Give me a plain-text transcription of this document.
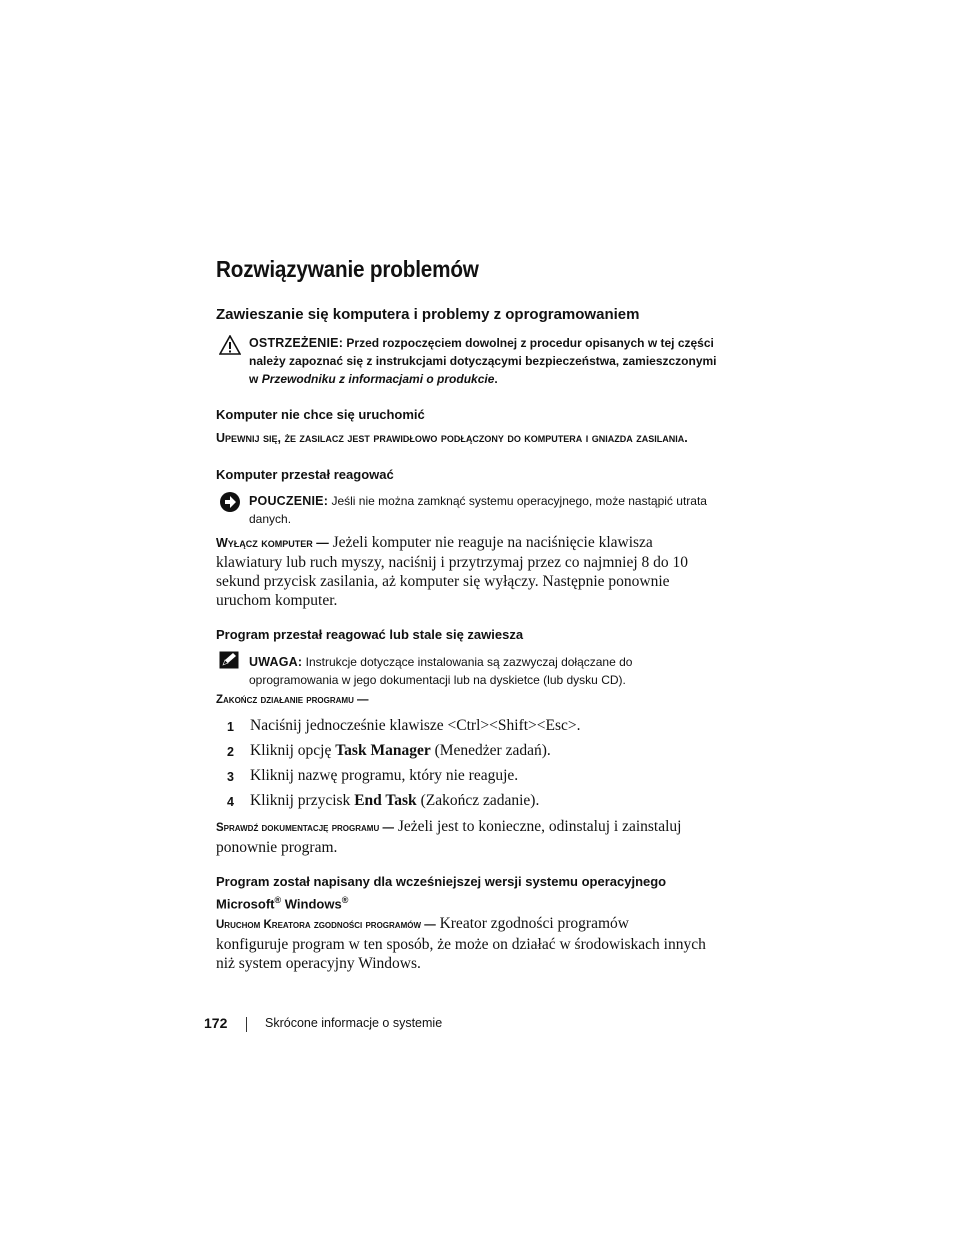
Rozwiązywanie problemów
Zawieszanie się komputera i problemy z oprogramowaniem
OSTRZEŻENIE: Przed rozpoczęciem dowolnej z procedur opisanych w tej części
należy zapoznać się z instrukcjami dotyczącymi bezpieczeństwa, zamieszczonymi
w Przewodniku z informacjami o produkcie.
Komputer nie chce się uruchomić
Upewnij się, że zasilacz jest prawidłowo podłączony do komputera i gniazda zasilania.
Komputer przestał reagować
POUCZENIE: Jeśli nie można zamknąć systemu operacyjnego, może nastąpić utrata
danych.
Wyłącz komputer — Jeżeli komputer nie reaguje na naciśnięcie klawisza
klawiatury lub ruch myszy, naciśnij i przytrzymaj przez co najmniej 8 do 10
sekund przycisk zasilania, aż komputer się wyłączy. Następnie ponownie
uruchom komputer.
Program przestał reagować lub stale się zawiesza
UWAGA: Instrukcje dotyczące instalowania są zazwyczaj dołączane do
oprogramowania w jego dokumentacji lub na dyskietce (lub dysku CD).
Zakończ działanie programu —
1 Naciśnij jednocześnie klawisze <Ctrl><Shift><Esc>.
2 Kliknij opcję Task Manager (Menedżer zadań).
3 Kliknij nazwę programu, który nie reaguje.
4 Kliknij przycisk End Task (Zakończ zadanie).
Sprawdź dokumentację programu — Jeżeli jest to konieczne, odinstaluj i zainstaluj
ponownie program.
Program został napisany dla wcześniejszej wersji systemu operacyjnego
Microsoft® Windows®
Uruchom Kreatora zgodności programów — Kreator zgodności programów
konfiguruje program w ten sposób, że może on działać w środowiskach innych
niż system operacyjny Windows.
172	Skrócone informacje o systemie
